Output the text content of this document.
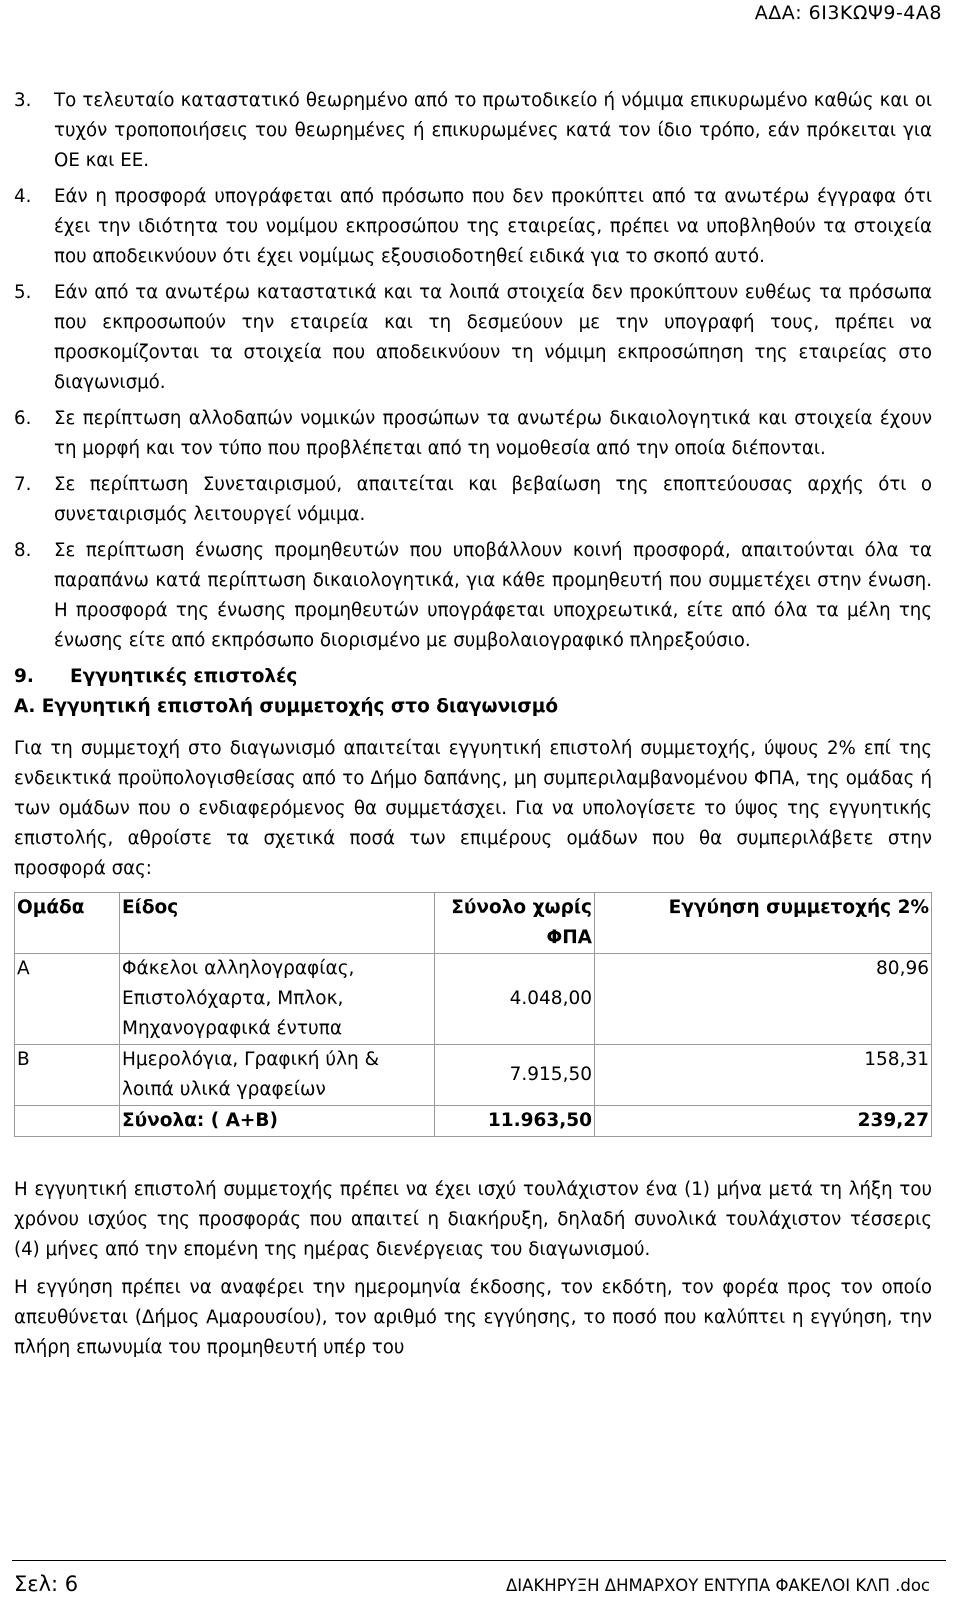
ΑΔΑ: 6Ι3ΚΩΨ9-4Α8
3.	Το τελευταίο καταστατικό θεωρημένο από το πρωτοδικείο ή νόμιμα επικυρωμένο καθώς και οι τυχόν τροποποιήσεις του θεωρημένες ή επικυρωμένες κατά τον ίδιο τρόπο, εάν πρόκειται για ΟΕ και ΕΕ.
4.	Εάν η προσφορά υπογράφεται από πρόσωπο που δεν προκύπτει από τα ανωτέρω έγγραφα ότι έχει την ιδιότητα του νομίμου εκπροσώπου της εταιρείας, πρέπει να υποβληθούν τα στοιχεία που αποδεικνύουν ότι έχει νομίμως εξουσιοδοτηθεί ειδικά για το σκοπό αυτό.
5.	Εάν από τα ανωτέρω καταστατικά και τα λοιπά στοιχεία δεν προκύπτουν ευθέως τα πρόσωπα που εκπροσωπούν την εταιρεία και τη δεσμεύουν με την υπογραφή τους, πρέπει να προσκομίζονται τα στοιχεία που αποδεικνύουν τη νόμιμη εκπροσώπηση της εταιρείας στο διαγωνισμό.
6.	Σε περίπτωση αλλοδαπών νομικών προσώπων τα ανωτέρω δικαιολογητικά και στοιχεία έχουν τη μορφή και τον τύπο που προβλέπεται από τη νομοθεσία από την οποία διέπονται.
7.	Σε περίπτωση Συνεταιρισμού, απαιτείται και βεβαίωση της εποπτεύουσας αρχής ότι ο συνεταιρισμός λειτουργεί νόμιμα.
8.	Σε περίπτωση ένωσης προμηθευτών που υποβάλλουν κοινή προσφορά, απαιτούνται όλα τα παραπάνω κατά περίπτωση δικαιολογητικά, για κάθε προμηθευτή που συμμετέχει στην ένωση. Η προσφορά της ένωσης προμηθευτών υπογράφεται υποχρεωτικά, είτε από όλα τα μέλη της ένωσης είτε από εκπρόσωπο διορισμένο με συμβολαιογραφικό πληρεξούσιο.
9.	Εγγυητικές επιστολές
Α. Εγγυητική επιστολή συμμετοχής στο διαγωνισμό

Για τη συμμετοχή στο διαγωνισμό απαιτείται εγγυητική επιστολή συμμετοχής, ύψους 2% επί της ενδεικτικά προϋπολογισθείσας από το Δήμο δαπάνης, μη συμπεριλαμβανομένου ΦΠΑ, της ομάδας ή των ομάδων που ο ενδιαφερόμενος θα συμμετάσχει. Για να υπολογίσετε το ύψος της εγγυητικής επιστολής, αθροίστε τα σχετικά ποσά των επιμέρους ομάδων που θα συμπεριλάβετε στην προσφορά σας:

Ομάδα	Είδος	Σύνολο χωρίς ΦΠΑ	Εγγύηση συμμετοχής 2%
Α	Φάκελοι αλληλογραφίας, Επιστολόχαρτα, Μπλοκ, Μηχανογραφικά έντυπα	4.048,00	80,96
Β	Ημερολόγια, Γραφική ύλη & λοιπά υλικά γραφείων	7.915,50	158,31
	Σύνολα: ( Α+Β)	11.963,50	239,27

Η εγγυητική επιστολή συμμετοχής πρέπει να έχει ισχύ τουλάχιστον ένα (1) μήνα μετά τη λήξη του χρόνου ισχύος της προσφοράς που απαιτεί η διακήρυξη, δηλαδή συνολικά τουλάχιστον τέσσερις (4) μήνες από την επομένη της ημέρας διενέργειας του διαγωνισμού.

Η εγγύηση πρέπει να αναφέρει την ημερομηνία έκδοσης, τον εκδότη, τον φορέα προς τον οποίο απευθύνεται (Δήμος Αμαρουσίου), τον αριθμό της εγγύησης, το ποσό που καλύπτει η εγγύηση, την πλήρη επωνυμία του προμηθευτή υπέρ του

Σελ: 6	ΔΙΑΚΗΡΥΞΗ ΔΗΜΑΡΧΟΥ ΕΝΤΥΠΑ ΦΑΚΕΛΟΙ ΚΛΠ .doc
